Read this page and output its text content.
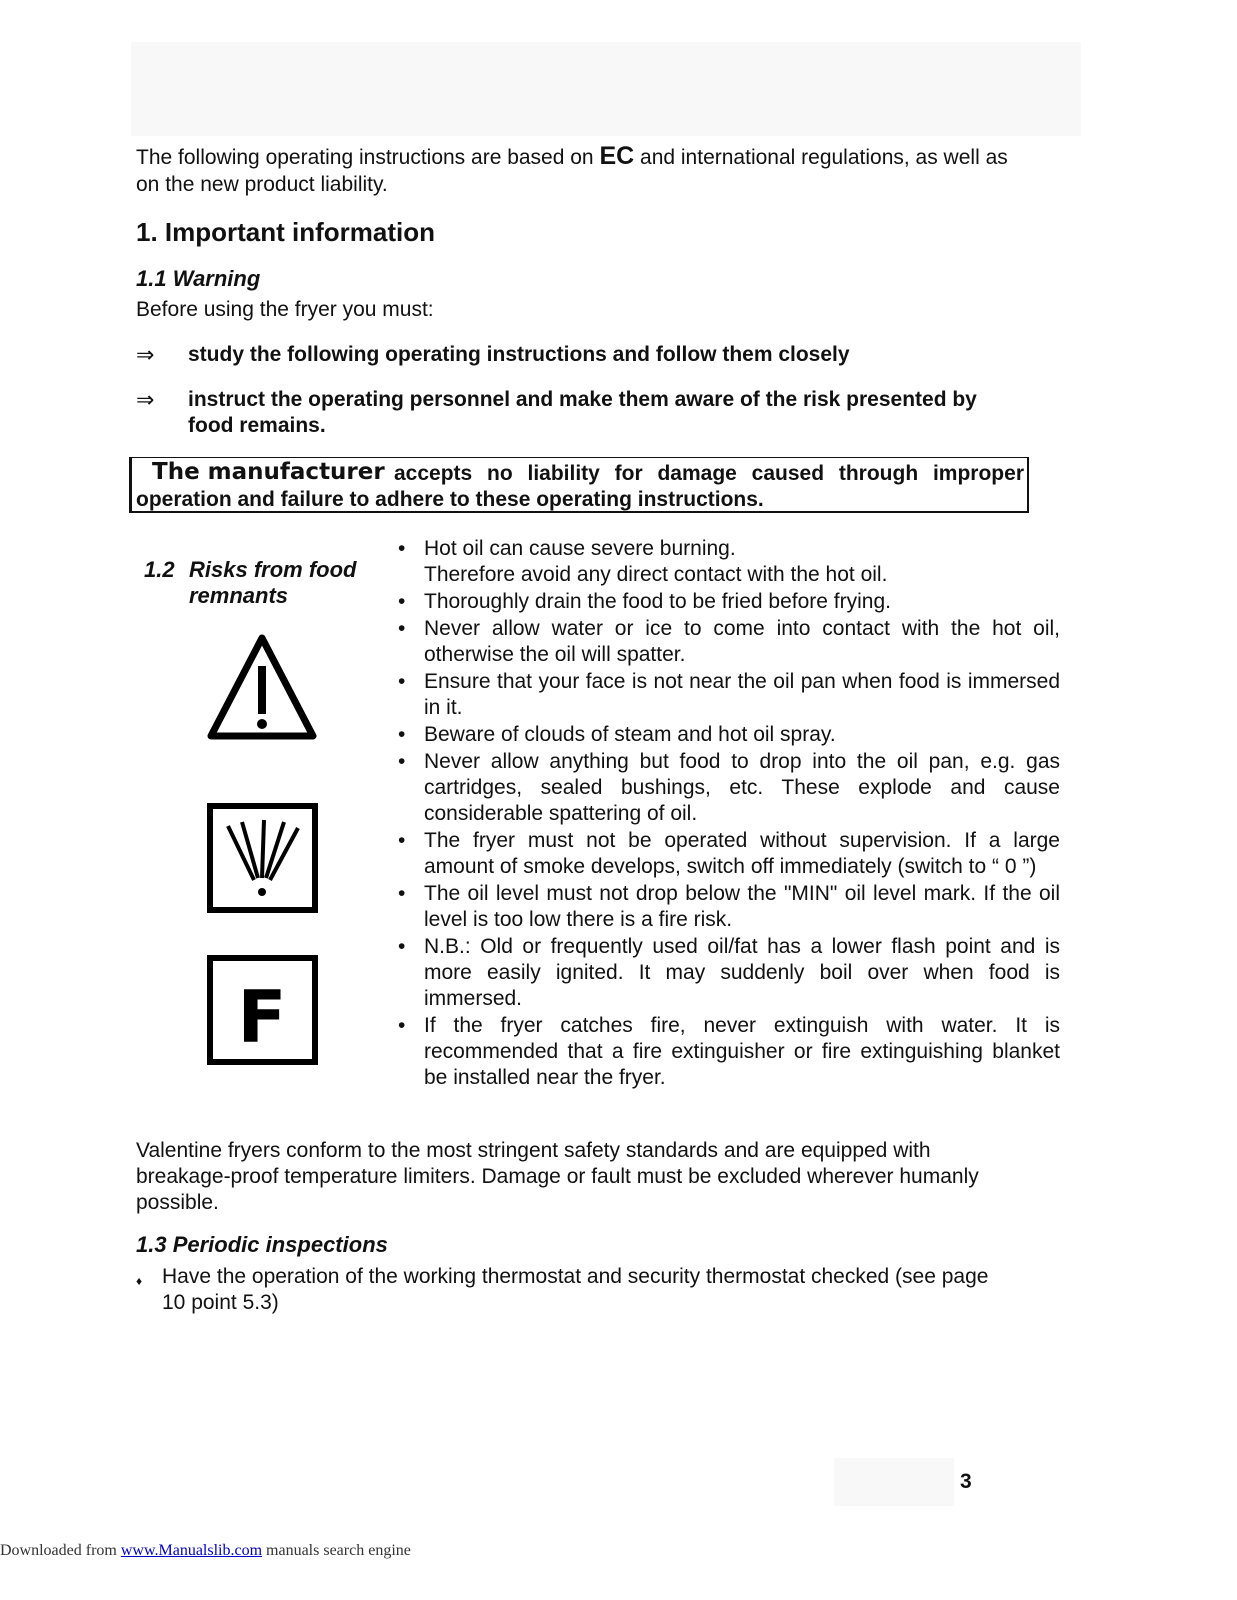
The following operating instructions are based on EC and international regulations, as well as on the new product liability.
1. Important information
1.1 Warning
Before using the fryer you must:
⇒ study the following operating instructions and follow them closely
⇒ instruct the operating personnel and make them aware of the risk presented by food remains.
The manufacturer accepts no liability for damage caused through improper
operation and failure to adhere to these operating instructions.
1.2 Risks from food
remnants
F
• Hot oil can cause severe burning.
Therefore avoid any direct contact with the hot oil.
• Thoroughly drain the food to be fried before frying.
• Never allow water or ice to come into contact with the hot oil, otherwise the oil will spatter.
• Ensure that your face is not near the oil pan when food is immersed in it.
• Beware of clouds of steam and hot oil spray.
• Never allow anything but food to drop into the oil pan, e.g. gas cartridges, sealed bushings, etc. These explode and cause considerable spattering of oil.
• The fryer must not be operated without supervision. If a large amount of smoke develops, switch off immediately (switch to “ 0 ”)
• The oil level must not drop below the "MIN" oil level mark. If the oil level is too low there is a fire risk.
• N.B.: Old or frequently used oil/fat has a lower flash point and is more easily ignited. It may suddenly boil over when food is immersed.
• If the fryer catches fire, never extinguish with water. It is recommended that a fire extinguisher or fire extinguishing blanket be installed near the fryer.
Valentine fryers conform to the most stringent safety standards and are equipped with breakage-proof temperature limiters. Damage or fault must be excluded wherever humanly possible.
1.3 Periodic inspections
♦ Have the operation of the working thermostat and security thermostat checked (see page 10 point 5.3)
3
Downloaded from www.Manualslib.com manuals search engine
